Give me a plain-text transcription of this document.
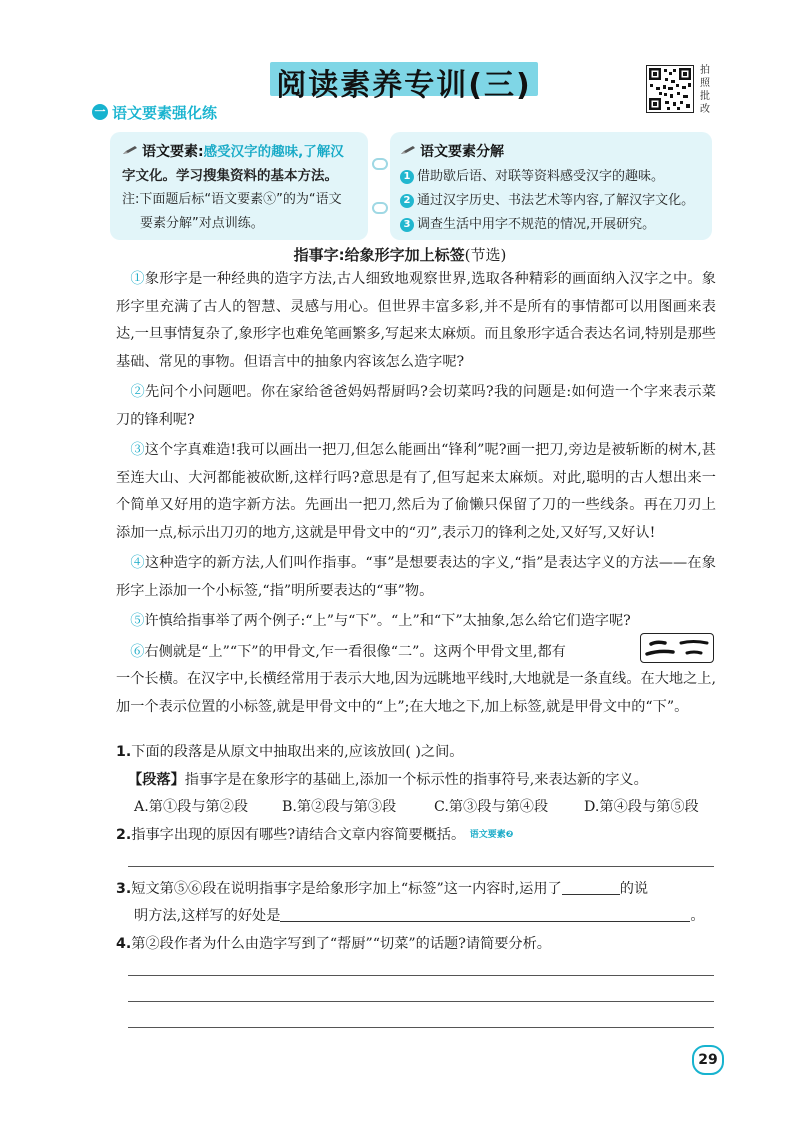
阅读素养专训(三)	拍照批改
一 语文要素强化练
语文要素:感受汉字的趣味,了解汉
字文化。学习搜集资料的基本方法。
注:下面题后标“语文要素ⓧ”的为“语文
要素分解”对点训练。
语文要素分解
1 借助歇后语、对联等资料感受汉字的趣味。
2 通过汉字历史、书法艺术等内容,了解汉字文化。
3 调查生活中用字不规范的情况,开展研究。
指事字:给象形字加上标签(节选)

　①象形字是一种经典的造字方法,古人细致地观察世界,选取各种精彩的画面纳入汉字之中。象形字里充满了古人的智慧、灵感与用心。但世界丰富多彩,并不是所有的事情都可以用图画来表达,一旦事情复杂了,象形字也难免笔画繁多,写起来太麻烦。而且象形字适合表达名词,特别是那些基础、常见的事物。但语言中的抽象内容该怎么造字呢?

　②先问个小问题吧。你在家给爸爸妈妈帮厨吗?会切菜吗?我的问题是:如何造一个字来表示菜刀的锋利呢?

　③这个字真难造!我可以画出一把刀,但怎么能画出“锋利”呢?画一把刀,旁边是被斩断的树木,甚至连大山、大河都能被砍断,这样行吗?意思是有了,但写起来太麻烦。对此,聪明的古人想出来一个简单又好用的造字新方法。先画出一把刀,然后为了偷懒只保留了刀的一些线条。再在刀刃上添加一点,标示出刀刃的地方,这就是甲骨文中的“刃”,表示刀的锋利之处,又好写,又好认!

　④这种造字的新方法,人们叫作指事。“事”是想要表达的字义,“指”是表达字义的方法——在象形字上添加一个小标签,“指”明所要表达的“事”物。

　⑤许慎给指事举了两个例子:“上”与“下”。“上”和“下”太抽象,怎么给它们造字呢?

　⑥右侧就是“上”“下”的甲骨文,乍一看很像“二”。这两个甲骨文里,都有

一个长横。在汉字中,长横经常用于表示大地,因为远眺地平线时,大地就是一条直线。在大地之上,加一个表示位置的小标签,就是甲骨文中的“上”;在大地之下,加上标签,就是甲骨文中的“下”。

1.下面的段落是从原文中抽取出来的,应该放回( )之间。
【段落】指事字是在象形字的基础上,添加一个标示性的指事符号,来表达新的字义。
A.第①段与第②段 B.第②段与第③段	C.第③段与第④段	D.第④段与第⑤段
2.指事字出现的原因有哪些?请结合文章内容简要概括。 语文要素❷
3.短文第⑤⑥段在说明指事字是给象形字加上“标签”这一内容时,运用了	的说
明方法,这样写的好处是	。
4.第②段作者为什么由造字写到了“帮厨”“切菜”的话题?请简要分析。
29
